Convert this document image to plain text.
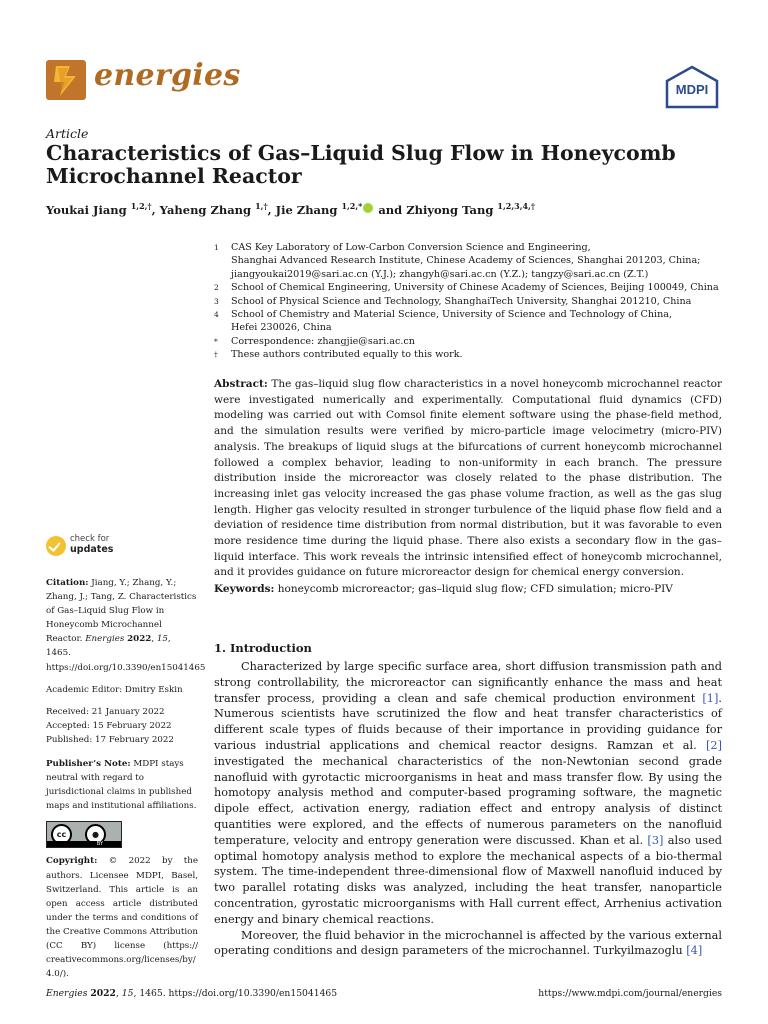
energies	MDPI
Article
Characteristics of Gas–Liquid Slug Flow in Honeycomb Microchannel Reactor
Youkai Jiang $^{1,2,\dagger}$, Yaheng Zhang $^{1,\dagger}$, Jie Zhang $^{1,2,*}$ and Zhiyong Tang $^{1,2,3,4,\dagger}$
1	CAS Key Laboratory of Low-Carbon Conversion Science and Engineering,
Shanghai Advanced Research Institute, Chinese Academy of Sciences, Shanghai 201203, China;
jiangyoukai2019@sari.ac.cn (Y.J.); zhangyh@sari.ac.cn (Y.Z.); tangzy@sari.ac.cn (Z.T.)
2	School of Chemical Engineering, University of Chinese Academy of Sciences, Beijing 100049, China
3	School of Physical Science and Technology, ShanghaiTech University, Shanghai 201210, China
4	School of Chemistry and Material Science, University of Science and Technology of China,
Hefei 230026, China
*	Correspondence: zhangjie@sari.ac.cn
†	These authors contributed equally to this work.
check for
updates
Citation: Jiang, Y.; Zhang, Y.; Zhang, J.; Tang, Z. Characteristics of Gas–Liquid Slug Flow in Honeycomb Microchannel Reactor. Energies 2022, 15, 1465. https://doi.org/10.3390/en15041465
Academic Editor: Dmitry Eskin
Received: 21 January 2022
Accepted: 15 February 2022
Published: 17 February 2022
Publisher’s Note: MDPI stays neutral with regard to jurisdictional claims in published maps and institutional affiliations.
cc	●
BY
Copyright: © 2022 by the authors. Licensee MDPI, Basel, Switzerland. This article is an open access article distributed under the terms and conditions of the Creative Commons Attribution (CC BY) license (https:// creativecommons.org/licenses/by/ 4.0/).
Abstract: The gas–liquid slug flow characteristics in a novel honeycomb microchannel reactor were investigated numerically and experimentally. Computational fluid dynamics (CFD) modeling was carried out with Comsol finite element software using the phase-field method, and the simulation results were verified by micro-particle image velocimetry (micro-PIV) analysis. The breakups of liquid slugs at the bifurcations of current honeycomb microchannel followed a complex behavior, leading to non-uniformity in each branch. The pressure distribution inside the microreactor was closely related to the phase distribution. The increasing inlet gas velocity increased the gas phase volume fraction, as well as the gas slug length. Higher gas velocity resulted in stronger turbulence of the liquid phase flow field and a deviation of residence time distribution from normal distribution, but it was favorable to even more residence time during the liquid phase. There also exists a secondary flow in the gas–liquid interface. This work reveals the intrinsic intensified effect of honeycomb microchannel, and it provides guidance on future microreactor design for chemical energy conversion.
Keywords: honeycomb microreactor; gas–liquid slug flow; CFD simulation; micro-PIV
1. Introduction

Characterized by large specific surface area, short diffusion transmission path and strong controllability, the microreactor can significantly enhance the mass and heat transfer process, providing a clean and safe chemical production environment [1]. Numerous scientists have scrutinized the flow and heat transfer characteristics of different scale types of fluids because of their importance in providing guidance for various industrial applications and chemical reactor designs. Ramzan et al. [2] investigated the mechanical characteristics of the non-Newtonian second grade nanofluid with gyrotactic microorganisms in heat and mass transfer flow. By using the homotopy analysis method and computer-based programing software, the magnetic dipole effect, activation energy, radiation effect and entropy analysis of distinct quantities were explored, and the effects of numerous parameters on the nanofluid temperature, velocity and entropy generation were discussed. Khan et al. [3] also used optimal homotopy analysis method to explore the mechanical aspects of a bio-thermal system. The time-independent three-dimensional flow of Maxwell nanofluid induced by two parallel rotating disks was analyzed, including the heat transfer, nanoparticle concentration, gyrostatic microorganisms with Hall current effect, Arrhenius activation energy and binary chemical reactions.

Moreover, the fluid behavior in the microchannel is affected by the various external operating conditions and design parameters of the microchannel. Turkyilmazoglu [4]

Energies 2022, 15, 1465. https://doi.org/10.3390/en15041465	https://www.mdpi.com/journal/energies
